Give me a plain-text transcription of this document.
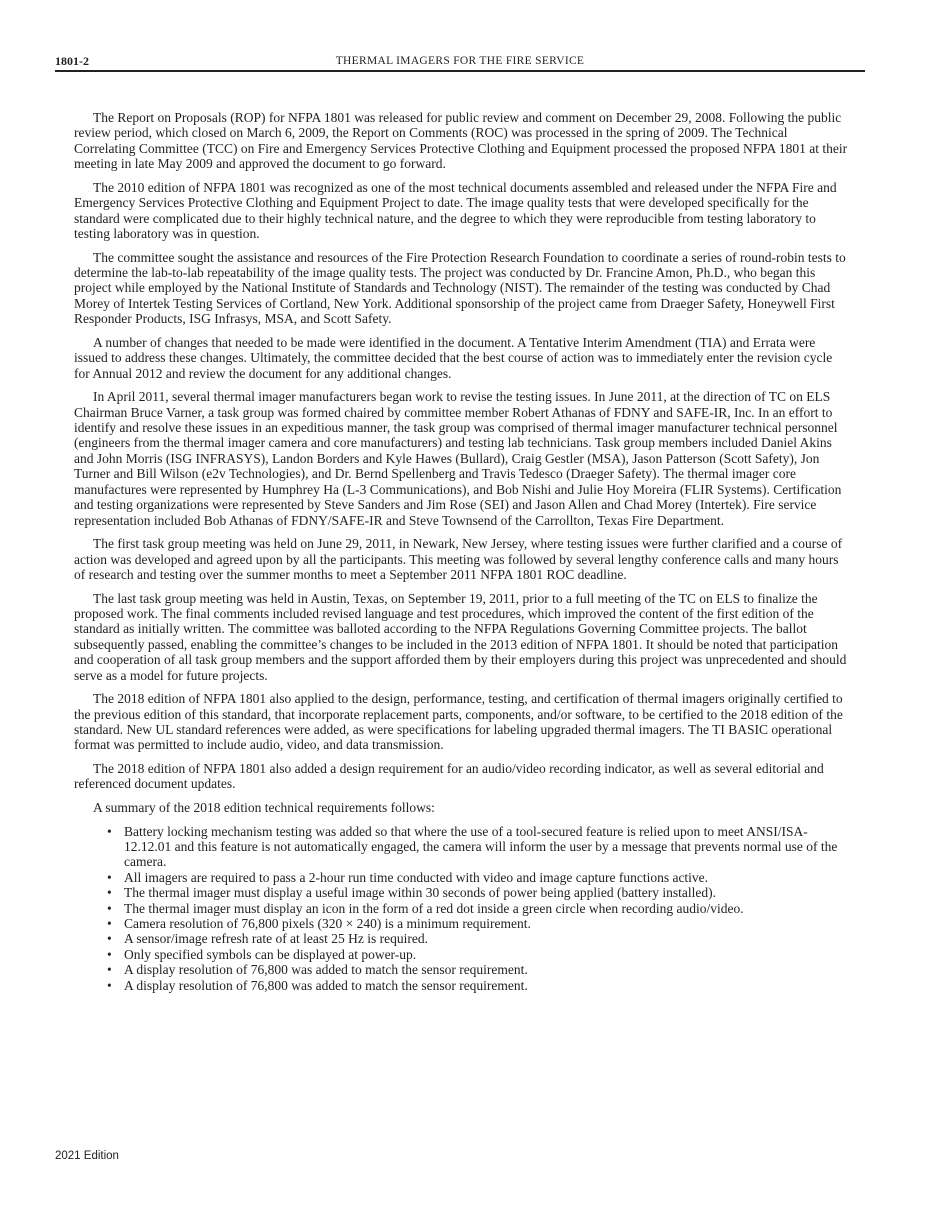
1801-2	THERMAL IMAGERS FOR THE FIRE SERVICE

The Report on Proposals (ROP) for NFPA 1801 was released for public review and comment on December 29, 2008. Following the public review period, which closed on March 6, 2009, the Report on Comments (ROC) was processed in the spring of 2009. The Technical Correlating Committee (TCC) on Fire and Emergency Services Protective Clothing and Equipment processed the proposed NFPA 1801 at their meeting in late May 2009 and approved the document to go forward.

The 2010 edition of NFPA 1801 was recognized as one of the most technical documents assembled and released under the NFPA Fire and Emergency Services Protective Clothing and Equipment Project to date. The image quality tests that were developed specifically for the standard were complicated due to their highly technical nature, and the degree to which they were reproducible from testing laboratory to testing laboratory was in question.

The committee sought the assistance and resources of the Fire Protection Research Foundation to coordinate a series of round-robin tests to determine the lab-to-lab repeatability of the image quality tests. The project was conducted by Dr. Francine Amon, Ph.D., who began this project while employed by the National Institute of Standards and Technology (NIST). The remainder of the testing was conducted by Chad Morey of Intertek Testing Services of Cortland, New York. Additional sponsorship of the project came from Draeger Safety, Honeywell First Responder Products, ISG Infrasys, MSA, and Scott Safety.

A number of changes that needed to be made were identified in the document. A Tentative Interim Amendment (TIA) and Errata were issued to address these changes. Ultimately, the committee decided that the best course of action was to immediately enter the revision cycle for Annual 2012 and review the document for any additional changes.

In April 2011, several thermal imager manufacturers began work to revise the testing issues. In June 2011, at the direction of TC on ELS Chairman Bruce Varner, a task group was formed chaired by committee member Robert Athanas of FDNY and SAFE-IR, Inc. In an effort to identify and resolve these issues in an expeditious manner, the task group was comprised of thermal imager manufacturer technical personnel (engineers from the thermal imager camera and core manufacturers) and testing lab technicians. Task group members included Daniel Akins and John Morris (ISG INFRASYS), Landon Borders and Kyle Hawes (Bullard), Craig Gestler (MSA), Jason Patterson (Scott Safety), Jon Turner and Bill Wilson (e2v Technologies), and Dr. Bernd Spellenberg and Travis Tedesco (Draeger Safety). The thermal imager core manufactures were represented by Humphrey Ha (L-3 Communications), and Bob Nishi and Julie Hoy Moreira (FLIR Systems). Certification and testing organizations were represented by Steve Sanders and Jim Rose (SEI) and Jason Allen and Chad Morey (Intertek). Fire service representation included Bob Athanas of FDNY/SAFE-IR and Steve Townsend of the Carrollton, Texas Fire Department.

The first task group meeting was held on June 29, 2011, in Newark, New Jersey, where testing issues were further clarified and a course of action was developed and agreed upon by all the participants. This meeting was followed by several lengthy conference calls and many hours of research and testing over the summer months to meet a September 2011 NFPA 1801 ROC deadline.

The last task group meeting was held in Austin, Texas, on September 19, 2011, prior to a full meeting of the TC on ELS to finalize the proposed work. The final comments included revised language and test procedures, which improved the content of the first edition of the standard as initially written. The committee was balloted according to the NFPA Regulations Governing Committee projects. The ballot subsequently passed, enabling the committee’s changes to be included in the 2013 edition of NFPA 1801. It should be noted that participation and cooperation of all task group members and the support afforded them by their employers during this project was unprecedented and should serve as a model for future projects.

The 2018 edition of NFPA 1801 also applied to the design, performance, testing, and certification of thermal imagers originally certified to the previous edition of this standard, that incorporate replacement parts, components, and/or software, to be certified to the 2018 edition of the standard. New UL standard references were added, as were specifications for labeling upgraded thermal imagers. The TI BASIC operational format was permitted to include audio, video, and data transmission.

The 2018 edition of NFPA 1801 also added a design requirement for an audio/video recording indicator, as well as several editorial and referenced document updates.

A summary of the 2018 edition technical requirements follows:

• Battery locking mechanism testing was added so that where the use of a tool-secured feature is relied upon to meet ANSI/ISA-12.12.01 and this feature is not automatically engaged, the camera will inform the user by a message that prevents normal use of the camera.
• All imagers are required to pass a 2-hour run time conducted with video and image capture functions active.
• The thermal imager must display a useful image within 30 seconds of power being applied (battery installed).
• The thermal imager must display an icon in the form of a red dot inside a green circle when recording audio/video.
• Camera resolution of 76,800 pixels (320 × 240) is a minimum requirement.
• A sensor/image refresh rate of at least 25 Hz is required.
• Only specified symbols can be displayed at power-up.
• A display resolution of 76,800 was added to match the sensor requirement.
• A display resolution of 76,800 was added to match the sensor requirement.
2021 Edition
